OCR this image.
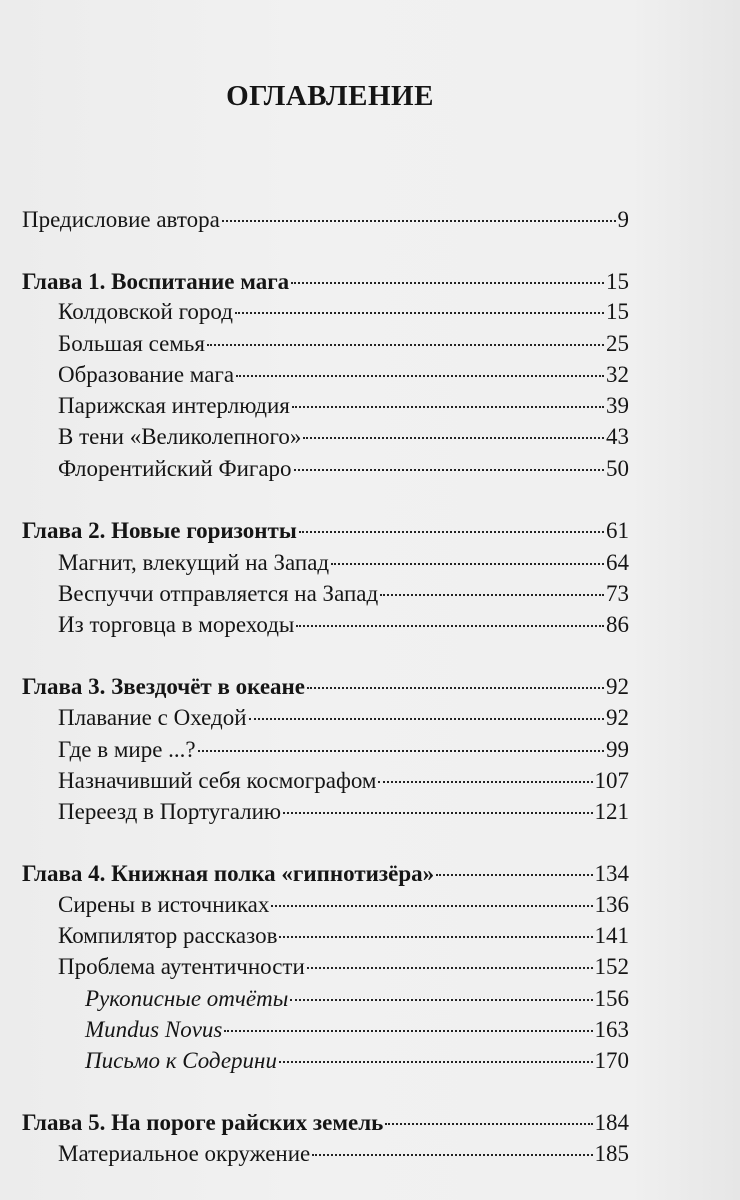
ОГЛАВЛЕНИЕ
Предисловие автора	9
Глава 1. Воспитание мага	15
Колдовской город	15
Большая семья	25
Образование мага	32
Парижская интерлюдия	39
В тени «Великолепного»	43
Флорентийский Фигаро	50
Глава 2. Новые горизонты	61
Магнит, влекущий на Запад	64
Веспуччи отправляется на Запад	73
Из торговца в мореходы	86
Глава 3. Звездочёт в океане	92
Плавание с Охедой	92
Где в мире ...?	99
Назначивший себя космографом	107
Переезд в Португалию	121
Глава 4. Книжная полка «гипнотизёра»	134
Сирены в источниках	136
Компилятор рассказов	141
Проблема аутентичности	152
Рукописные отчёты	156
Mundus Novus	163
Письмо к Содерини	170
Глава 5. На пороге райских земель	184
Материальное окружение	185
